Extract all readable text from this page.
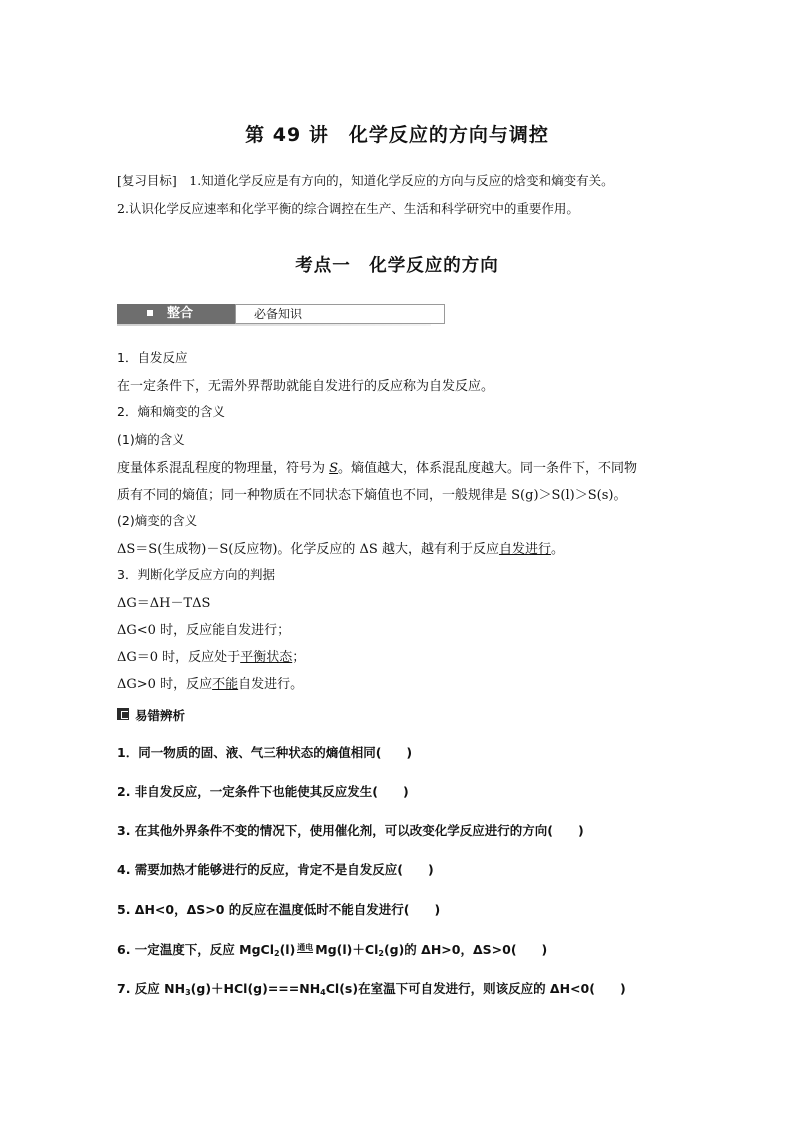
第 49 讲　化学反应的方向与调控
[复习目标]　1.知道化学反应是有方向的，知道化学反应的方向与反应的焓变和熵变有关。
2.认识化学反应速率和化学平衡的综合调控在生产、生活和科学研究中的重要作用。
考点一　化学反应的方向
整合	必备知识
1．自发反应
在一定条件下，无需外界帮助就能自发进行的反应称为自发反应。
2．熵和熵变的含义
(1)熵的含义
度量体系混乱程度的物理量，符号为 S。熵值越大，体系混乱度越大。同一条件下，不同物
质有不同的熵值；同一种物质在不同状态下熵值也不同，一般规律是 S(g)＞S(l)＞S(s)。
(2)熵变的含义
ΔS＝S(生成物)－S(反应物)。化学反应的 ΔS 越大，越有利于反应自发进行。
3．判断化学反应方向的判据
ΔG＝ΔH－TΔS
ΔG<0 时，反应能自发进行；
ΔG＝0 时，反应处于平衡状态；
ΔG>0 时，反应不能自发进行。
易错辨析
1．同一物质的固、液、气三种状态的熵值相同(　　)
2. 非自发反应，一定条件下也能使其反应发生(　　)
3. 在其他外界条件不变的情况下，使用催化剂，可以改变化学反应进行的方向(　　)
4. 需要加热才能够进行的反应，肯定不是自发反应(　　)
5. ΔH<0，ΔS>0 的反应在温度低时不能自发进行(　　)
6. 一定温度下，反应 MgCl$_2$(l) 通电 $Mg(l)+Cl_2(g)$的 ΔH>0，ΔS>0(　　)
7. 反应 $NH_3(g)+HCl(g)===NH_4Cl(s)$在室温下可自发进行，则该反应的 ΔH<0(　　)
